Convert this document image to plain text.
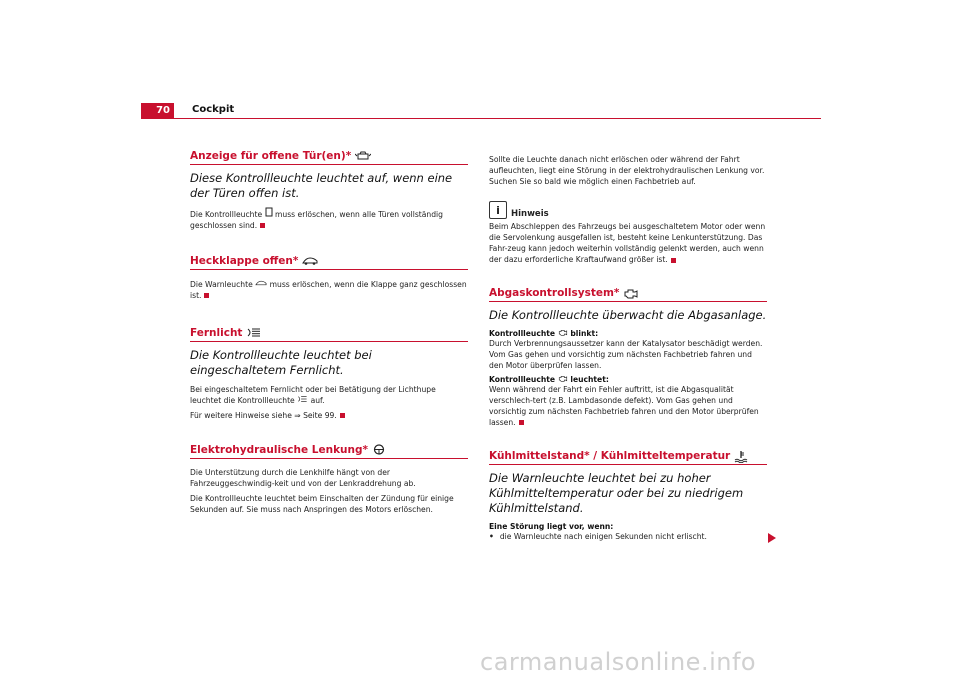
70	Cockpit
Anzeige für offene Tür(en)*
Diese Kontrollleuchte leuchtet auf, wenn eine der Türen offen ist.

Die Kontrollleuchte muss erlöschen, wenn alle Türen vollständig geschlossen sind.

Heckklappe offen*

Die Warnleuchte muss erlöschen, wenn die Klappe ganz geschlossen ist.

Fernlicht
Die Kontrollleuchte leuchtet bei eingeschaltetem Fernlicht.

Bei eingeschaltetem Fernlicht oder bei Betätigung der Lichthupe leuchtet die Kontrollleuchte auf.

Für weitere Hinweise siehe ⇒ Seite 99.

Elektrohydraulische Lenkung*

Die Unterstützung durch die Lenkhilfe hängt von der Fahrzeuggeschwindig-keit und von der Lenkraddrehung ab.

Die Kontrollleuchte leuchtet beim Einschalten der Zündung für einige Sekunden auf. Sie muss nach Anspringen des Motors erlöschen.

Sollte die Leuchte danach nicht erlöschen oder während der Fahrt aufleuchten, liegt eine Störung in der elektrohydraulischen Lenkung vor. Suchen Sie so bald wie möglich einen Fachbetrieb auf.

i	Hinweis

Beim Abschleppen des Fahrzeugs bei ausgeschaltetem Motor oder wenn die Servolenkung ausgefallen ist, besteht keine Lenkunterstützung. Das Fahr-zeug kann jedoch weiterhin vollständig gelenkt werden, auch wenn der dazu erforderliche Kraftaufwand größer ist.

Abgaskontrollsystem*
Die Kontrollleuchte überwacht die Abgasanlage.

Kontrollleuchte blinkt:

Durch Verbrennungsaussetzer kann der Katalysator beschädigt werden. Vom Gas gehen und vorsichtig zum nächsten Fachbetrieb fahren und den Motor überprüfen lassen.

Kontrollleuchte leuchtet:

Wenn während der Fahrt ein Fehler auftritt, ist die Abgasqualität verschlech-tert (z.B. Lambdasonde defekt). Vom Gas gehen und vorsichtig zum nächsten Fachbetrieb fahren und den Motor überprüfen lassen.

Kühlmittelstand* / Kühlmitteltemperatur
Die Warnleuchte leuchtet bei zu hoher Kühlmitteltemperatur oder bei zu niedrigem Kühlmittelstand.

Eine Störung liegt vor, wenn:

• die Warnleuchte nach einigen Sekunden nicht erlischt.
carmanualsonline.info
